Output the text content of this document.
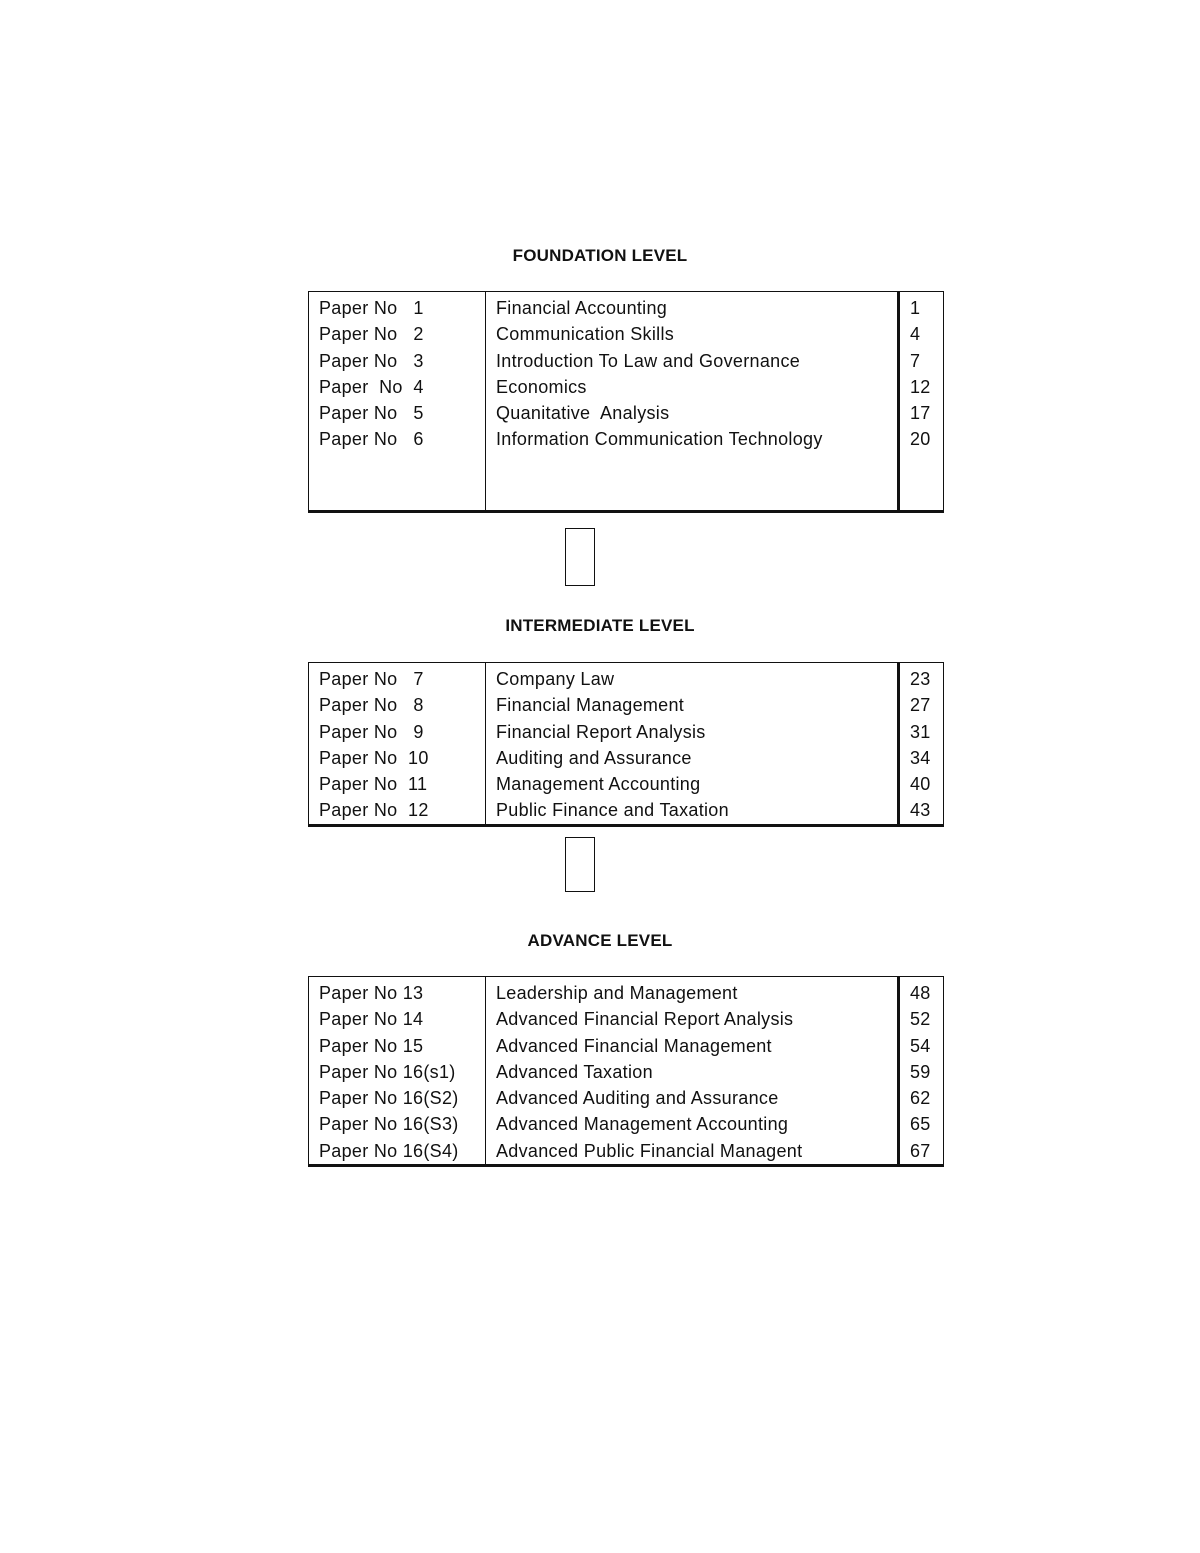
FOUNDATION LEVEL
Paper No   1
Paper No   2
Paper No   3
Paper  No  4
Paper No   5
Paper No   6
Financial Accounting
Communication Skills
Introduction To Law and Governance
Economics
Quanitative  Analysis
Information Communication Technology
1
4
7
12
17
20
INTERMEDIATE LEVEL
Paper No   7
Paper No   8
Paper No   9
Paper No  10
Paper No  11
Paper No  12
Company Law
Financial Management
Financial Report Analysis
Auditing and Assurance
Management Accounting
Public Finance and Taxation
23
27
31
34
40
43
ADVANCE LEVEL
Paper No 13
Paper No 14
Paper No 15
Paper No 16(s1)
Paper No 16(S2)
Paper No 16(S3)
Paper No 16(S4)
Leadership and Management
Advanced Financial Report Analysis
Advanced Financial Management
Advanced Taxation
Advanced Auditing and Assurance
Advanced Management Accounting
Advanced Public Financial Managent
48
52
54
59
62
65
67
